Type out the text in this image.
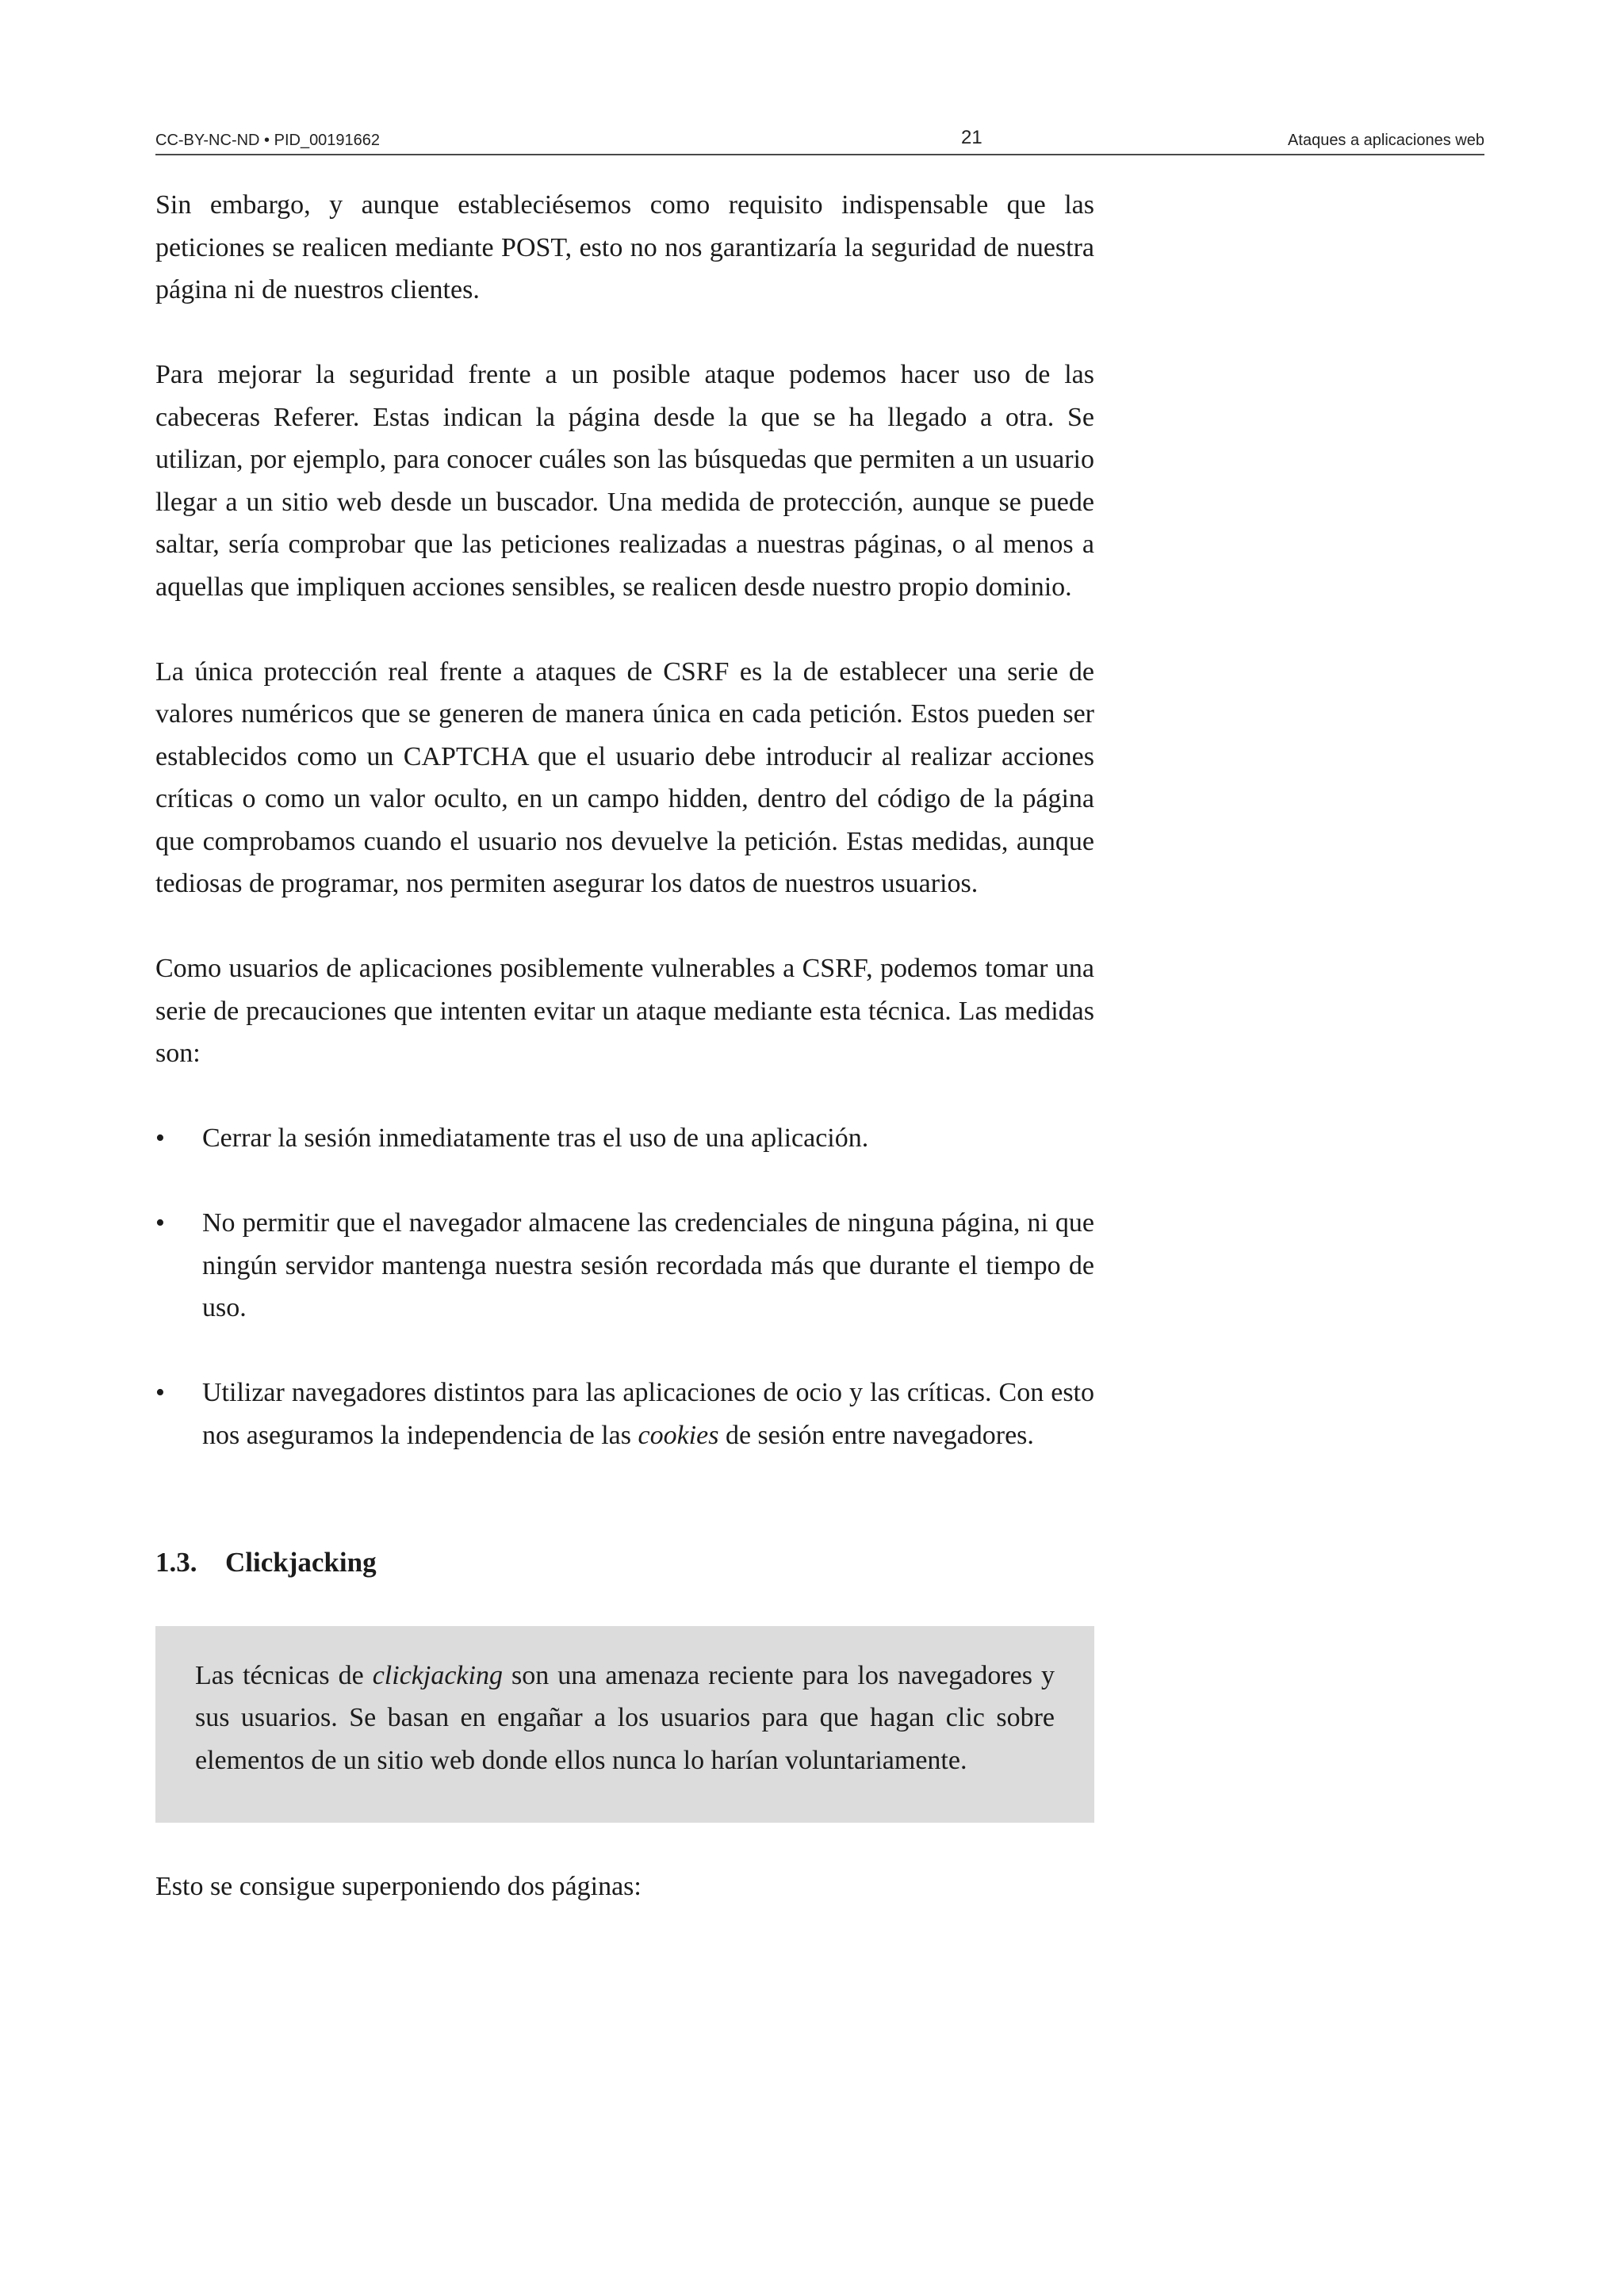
CC-BY-NC-ND • PID_00191662	21	Ataques a aplicaciones web

Sin embargo, y aunque estableciésemos como requisito indispensable que las peticiones se realicen mediante POST, esto no nos garantizaría la seguridad de nuestra página ni de nuestros clientes.

Para mejorar la seguridad frente a un posible ataque podemos hacer uso de las cabeceras Referer. Estas indican la página desde la que se ha llegado a otra. Se utilizan, por ejemplo, para conocer cuáles son las búsquedas que permiten a un usuario llegar a un sitio web desde un buscador. Una medida de protección, aunque se puede saltar, sería comprobar que las peticiones realizadas a nuestras páginas, o al menos a aquellas que impliquen acciones sensibles, se realicen desde nuestro propio dominio.

La única protección real frente a ataques de CSRF es la de establecer una serie de valores numéricos que se generen de manera única en cada petición. Estos pueden ser establecidos como un CAPTCHA que el usuario debe introducir al realizar acciones críticas o como un valor oculto, en un campo hidden, dentro del código de la página que comprobamos cuando el usuario nos devuelve la petición. Estas medidas, aunque tediosas de programar, nos permiten asegurar los datos de nuestros usuarios.

Como usuarios de aplicaciones posiblemente vulnerables a CSRF, podemos tomar una serie de precauciones que intenten evitar un ataque mediante esta técnica. Las medidas son:

• Cerrar la sesión inmediatamente tras el uso de una aplicación.
• No permitir que el navegador almacene las credenciales de ninguna página, ni que ningún servidor mantenga nuestra sesión recordada más que durante el tiempo de uso.
• Utilizar navegadores distintos para las aplicaciones de ocio y las críticas. Con esto nos aseguramos la independencia de las cookies de sesión entre navegadores.
1.3. Clickjacking

Las técnicas de clickjacking son una amenaza reciente para los navegadores y sus usuarios. Se basan en engañar a los usuarios para que hagan clic sobre elementos de un sitio web donde ellos nunca lo harían voluntariamente.

Esto se consigue superponiendo dos páginas:
